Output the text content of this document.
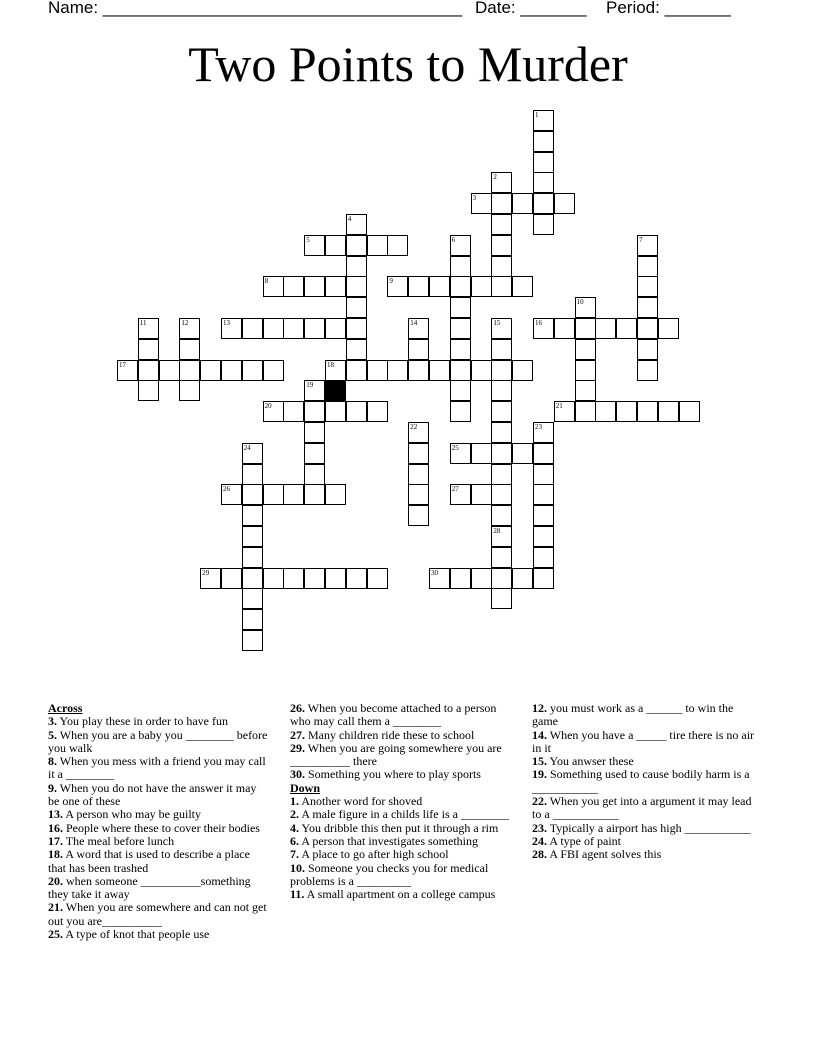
Name: ______________________________________ Date: _______ Period: _______
Two Points to Murder
1
2
3
4
5	6	7
8	9
10
11	12	13	14	15	16
17	18
19
20	21
22	23
24	25
26	27
28
29	30
Across
3. You play these in order to have fun
5. When you are a baby you ________ before you walk
8. When you mess with a friend you may call it a ________
9. When you do not have the answer it may be one of these
13. A person who may be guilty
16. People where these to cover their bodies
17. The meal before lunch
18. A word that is used to describe a place that has been trashed
20. when someone __________something they take it away
21. When you are somewhere and can not get out you are__________
25. A type of knot that people use
26. When you become attached to a person who may call them a ________
27. Many children ride these to school
29. When you are going somewhere you are __________ there
30. Something you where to play sports
Down
1. Another word for shoved
2. A male figure in a childs life is a ________
4. You dribble this then put it through a rim
6. A person that investigates something
7. A place to go after high school
10. Someone you checks you for medical problems is a _________
11. A small apartment on a college campus
12. you must work as a ______ to win the game
14. When you have a _____ tire there is no air in it
15. You anwser these
19. Something used to cause bodily harm is a ___________
22. When you get into a argument it may lead to a ___________
23. Typically a airport has high ___________
24. A type of paint
28. A FBI agent solves this
